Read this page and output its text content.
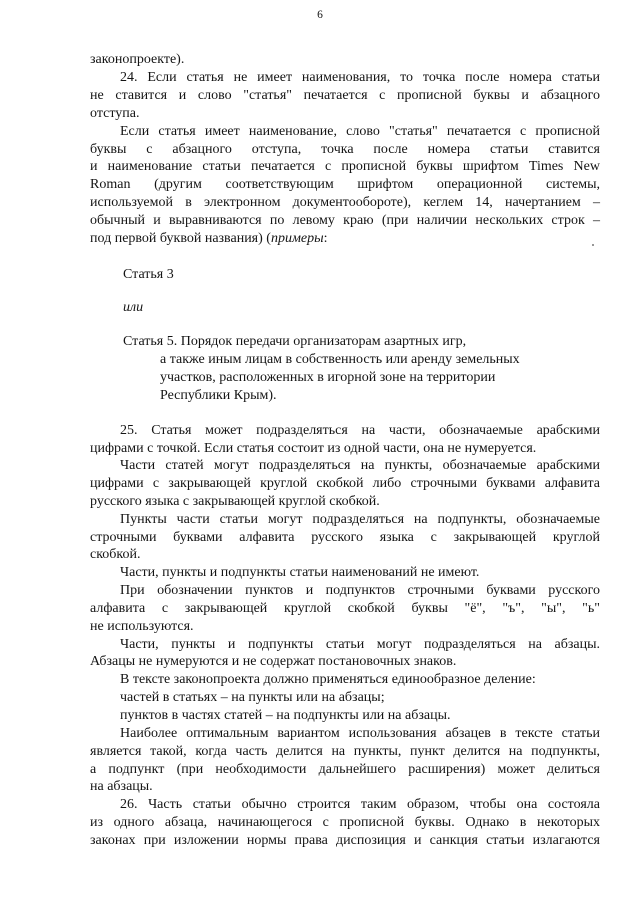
6
законопроекте).
24. Если статья не имеет наименования, то точка после номера статьи
не ставится и слово "статья" печатается с прописной буквы и абзацного
отступа.
Если статья имеет наименование, слово "статья" печатается с прописной
буквы с абзацного отступа, точка после номера статьи ставится
и наименование статьи печатается с прописной буквы шрифтом Times New
Roman (другим соответствующим шрифтом операционной системы,
используемой в электронном документообороте), кеглем 14, начертанием –
обычный и выравниваются по левому краю (при наличии нескольких строк –
под первой буквой названия) (примеры:
Статья 3
или
Статья 5. Порядок передачи организаторам азартных игр,
а также иным лицам в собственность или аренду земельных
участков, расположенных в игорной зоне на территории
Республики Крым).
25. Статья может подразделяться на части, обозначаемые арабскими
цифрами с точкой. Если статья состоит из одной части, она не нумеруется.
Части статей могут подразделяться на пункты, обозначаемые арабскими
цифрами с закрывающей круглой скобкой либо строчными буквами алфавита
русского языка с закрывающей круглой скобкой.
Пункты части статьи могут подразделяться на подпункты, обозначаемые
строчными буквами алфавита русского языка с закрывающей круглой
скобкой.
Части, пункты и подпункты статьи наименований не имеют.
При обозначении пунктов и подпунктов строчными буквами русского
алфавита с закрывающей круглой скобкой буквы "ё", "ъ", "ы", "ь"
не используются.
Части, пункты и подпункты статьи могут подразделяться на абзацы.
Абзацы не нумеруются и не содержат постановочных знаков.
В тексте законопроекта должно применяться единообразное деление:
частей в статьях – на пункты или на абзацы;
пунктов в частях статей – на подпункты или на абзацы.
Наиболее оптимальным вариантом использования абзацев в тексте статьи
является такой, когда часть делится на пункты, пункт делится на подпункты,
а подпункт (при необходимости дальнейшего расширения) может делиться
на абзацы.
26. Часть статьи обычно строится таким образом, чтобы она состояла
из одного абзаца, начинающегося с прописной буквы. Однако в некоторых
законах при изложении нормы права диспозиция и санкция статьи излагаются
